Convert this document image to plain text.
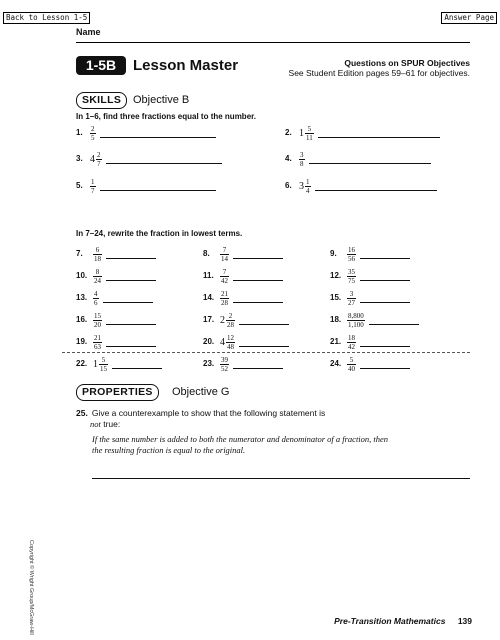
Back to Lesson 1-5	Answer Page
Name
1-5B	Lesson Master	Questions on SPUR Objectives
See Student Edition pages 59–61 for objectives.
SKILLS	Objective B
In 1–6, find three fractions equal to the number.
In 7–24, rewrite the fraction in lowest terms.
1. $\frac{2}{5}$	2. $1 \frac{5}{11}$
3. $4 \frac{2}{7}$	4. $\frac{3}{8}$
5. $\frac{1}{7}$	6. $3 \frac{1}{4}$
7. $\frac{6}{18}$	8. $\frac{7}{14}$	9. $\frac{16}{56}$
10. $\frac{8}{24}$	11. $\frac{7}{42}$	12. $\frac{35}{75}$
13. $\frac{4}{6}$	14. $\frac{21}{28}$	15. $\frac{3}{27}$
16. $\frac{15}{20}$	17. $2 \frac{2}{28}$	18. $\frac{8,800}{1,100}$
19. $\frac{21}{63}$	20. $4 \frac{12}{48}$	21. $\frac{18}{42}$
22. $1 \frac{5}{15}$	23. $\frac{39}{52}$	24. $\frac{5}{40}$
PROPERTIES	Objective G
25. Give a counterexample to show that the following statement is
not true:
If the same number is added to both the numerator and denominator of a fraction, then the resulting fraction is equal to the original.
Copyright © Wright Group/McGraw-Hill	Pre-Transition Mathematics 139
